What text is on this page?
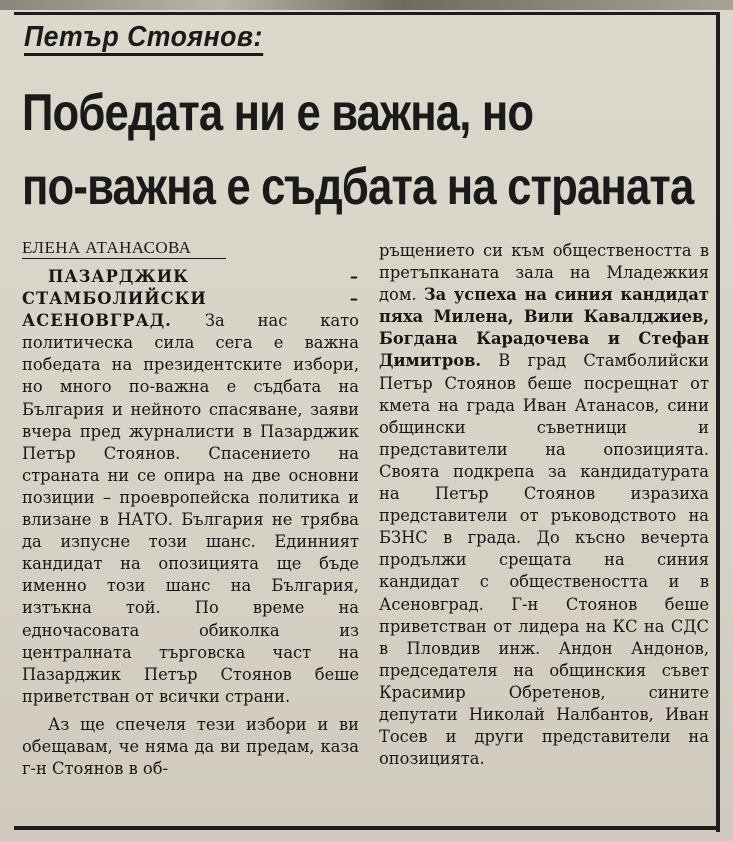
Петър Стоянов:
Победата ни е важна, но
по-важна е съдбата на страната
ЕЛЕНА АТАНАСОВА

ПАЗАРДЖИК – СТАМБОЛИЙСКИ – АСЕНОВГРАД. За нас като политическа сила сега е важна победата на президентските избори, но много по-важна е съдбата на България и нейното спасяване, заяви вчера пред журналисти в Пазарджик Петър Стоянов. Спасението на страната ни се опира на две основни позиции – проевропейска политика и влизане в НАТО. България не трябва да изпусне този шанс. Единният кандидат на опозицията ще бъде именно този шанс на България, изтъкна той. По време на едночасовата обиколка из централната търговска част на Пазарджик Петър Стоянов беше приветстван от всички страни.

Аз ще спечеля тези избори и ви обещавам, че няма да ви предам, каза г-н Стоянов в об-

ръщението си към обществеността в претъпканата зала на Младежкия дом. За успеха на синия кандидат пяха Милена, Вили Кавалджиев, Богдана Карадочева и Стефан Димитров. В град Стамболийски Петър Стоянов беше посрещнат от кмета на града Иван Атанасов, сини общински съветници и представители на опозицията. Своята подкрепа за кандидатурата на Петър Стоянов изразиха представители от ръководството на БЗНС в града. До късно вечерта продължи срещата на синия кандидат с обществеността и в Асеновград. Г-н Стоянов беше приветстван от лидера на КС на СДС в Пловдив инж. Андон Андонов, председателя на общинския съвет Красимир Обретенов, сините депутати Николай Налбантов, Иван Тосев и други представители на опозицията.
